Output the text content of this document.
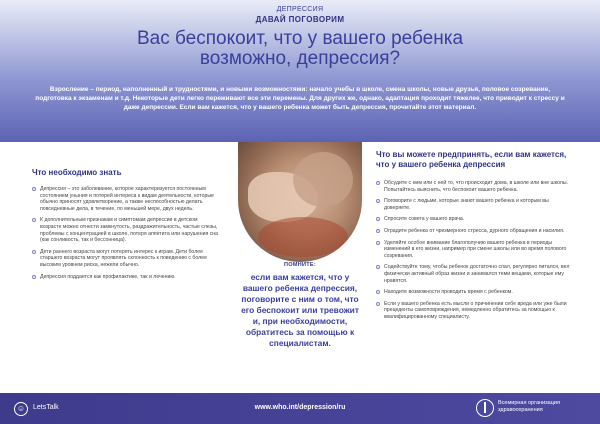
ДЕПРЕССИЯ
ДАВАЙ ПОГОВОРИМ
Вас беспокоит, что у вашего ребенка
возможно, депрессия?
Взросление – период, наполненный и трудностями, и новыми возможностями: начало учебы в школе, смена школы, новые друзья, половое созревание, подготовка к экзаменам и т.д. Некоторые дети легко переживают все эти перемены. Для других же, однако, адаптация проходит тяжелее, что приводит к стрессу и даже депрессии. Если вам кажется, что у вашего ребенка может быть депрессия, прочитайте этот материал.
Что необходимо знать
Депрессия – это заболевание, которое характеризуется постоянным состоянием уныния и потерей интереса к видам деятельности, которые обычно приносят удовлетворение, а также неспособностью делать повседневные дела, в течение, по меньшей мере, двух недель.
К дополнительным признакам и симптомам депрессии в детском возрасте можно отнести замкнутость, раздражительность, частые слезы, проблемы с концентрацией в школе, потеря аппетита или нарушения сна (как сонливость, так и бессонница).
Дети раннего возраста могут потерять интерес к играм. Дети более старшего возраста могут проявлять склонность к поведению с более высоким уровнем риска, нежели обычно.
Депрессия поддается как профилактике, так и лечению.
ПОМНИТЕ:
если вам кажется, что у вашего ребенка депрессия, поговорите с ним о том, что его беспокоит или тревожит и, при необходимости, обратитесь за помощью к специалистам.
Что вы можете предпринять, если вам кажется, что у вашего ребенка депрессия
Обсудите с ним или с ней то, что происходит дома, в школе или вне школы. Попытайтесь выяснить, что беспокоит вашего ребенка.
Поговорите с людьми, которые знают вашего ребенка и которым вы доверяете.
Спросите совета у вашего врача.
Оградите ребенка от чрезмерного стресса, дурного обращения и насилия.
Уделяйте особое внимание благополучию вашего ребенка в периоды изменений в его жизни, например при смене школы или во время полового созревания.
Содействуйте тому, чтобы ребенок достаточно спал, регулярно питался, вел физически активный образ жизни и занимался теми вещами, которые ему нравятся.
Находите возможности проводить время с ребенком.
Если у вашего ребенка есть мысли о причинении себе вреда или уже были прецеденты самоповреждения, немедленно обратитесь за помощью к квалифицированному специалисту.
☺	LetsTalk	www.who.int/depression/ru
Всемирная организация
здравоохранения
